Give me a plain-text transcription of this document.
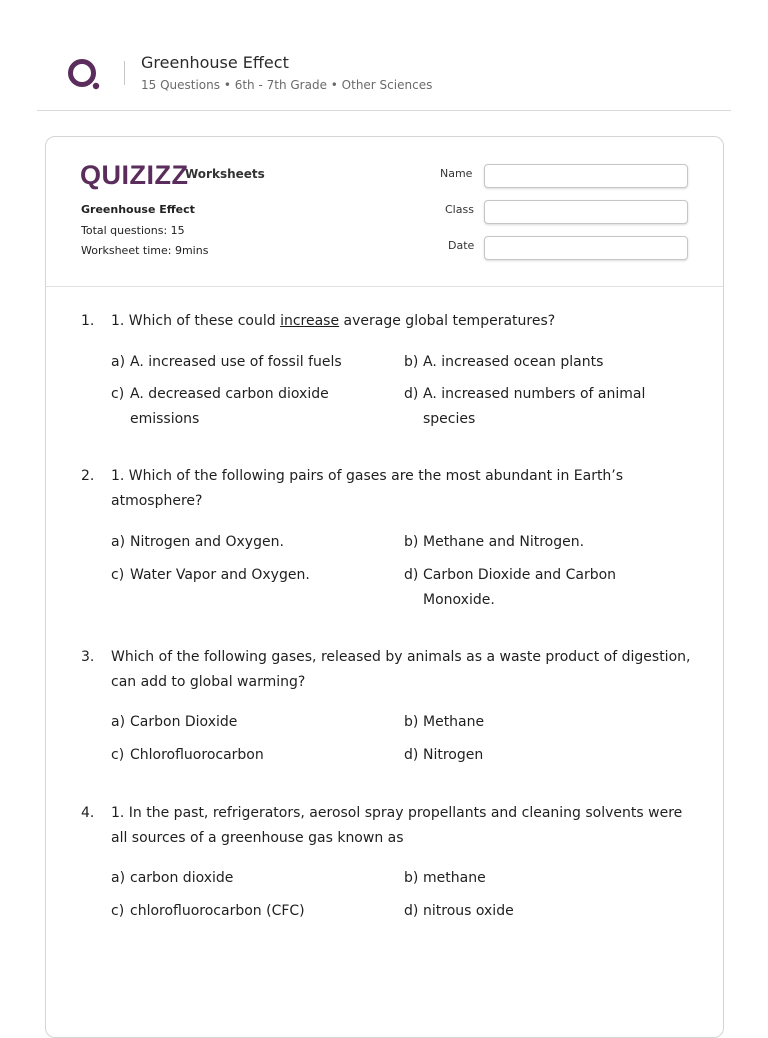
Greenhouse Effect
15 Questions • 6th - 7th Grade • Other Sciences
QUIZIZZ
Worksheets
Greenhouse Effect
Total questions: 15
Worksheet time: 9mins
Name
Class
Date
1. 1. Which of these could increase average global temperatures?
a) A. increased use of fossil fuels	b) A. increased ocean plants
c) A. decreased carbon dioxide emissions
d) A. increased numbers of animal species
2. 1. Which of the following pairs of gases are the most abundant in Earth’s atmosphere?
a) Nitrogen and Oxygen.	b) Methane and Nitrogen.
c) Water Vapor and Oxygen.	d) Carbon Dioxide and Carbon Monoxide.
3. Which of the following gases, released by animals as a waste product of digestion, can add to global warming?
a) Carbon Dioxide	b) Methane
c) Chlorofluorocarbon	d) Nitrogen
4. 1. In the past, refrigerators, aerosol spray propellants and cleaning solvents were all sources of a greenhouse gas known as
a) carbon dioxide	b) methane
c) chlorofluorocarbon (CFC)	d) nitrous oxide
